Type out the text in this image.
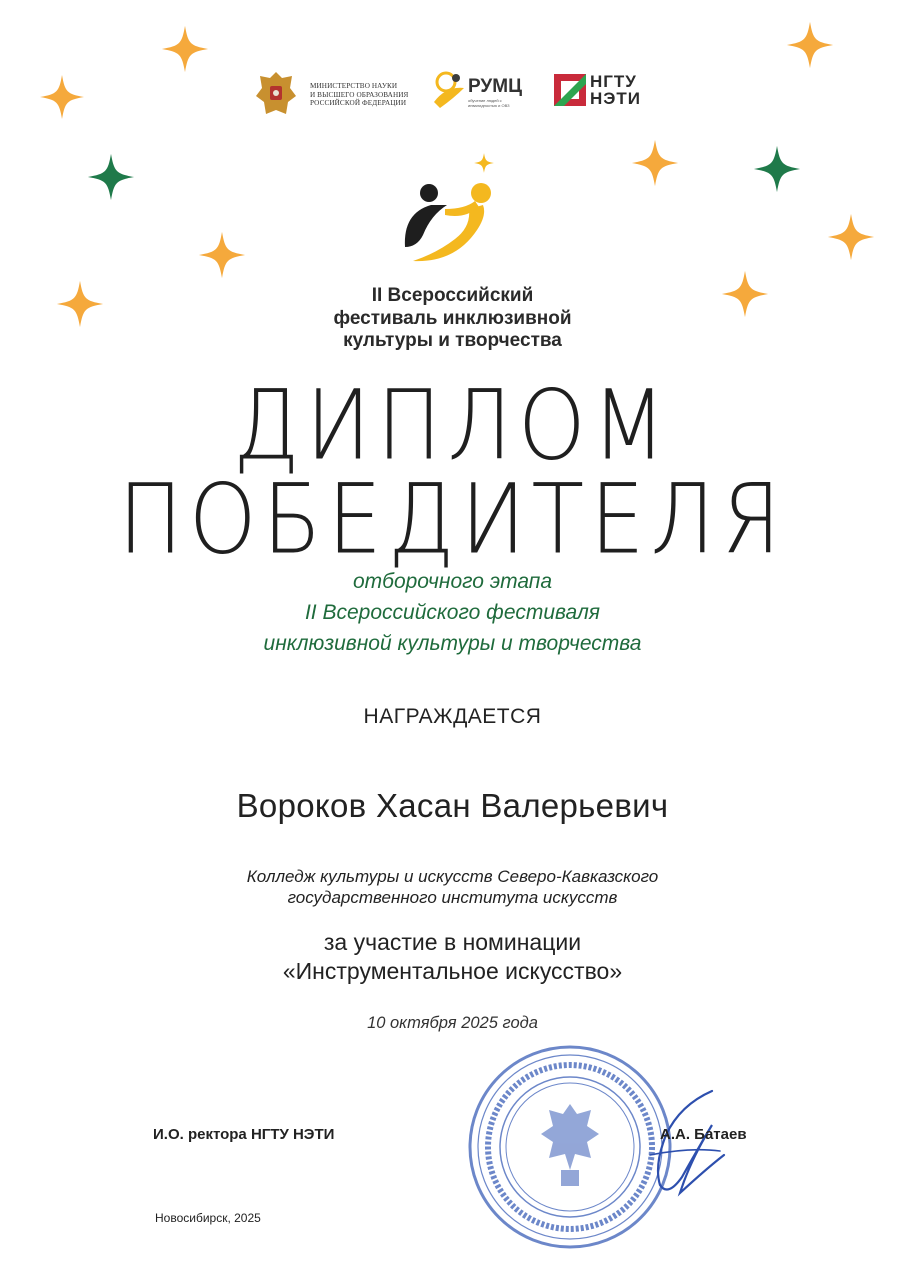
МИНИСТЕРСТВО НАУКИ
И ВЫСШЕГО ОБРАЗОВАНИЯ
РОССИЙСКОЙ ФЕДЕРАЦИИ
РУМЦ
обучение людей с инвалидностью и ОВЗ
НГТУ
НЭТИ
II Всероссийский
фестиваль инклюзивной
культуры и творчества
ДИПЛОМ
ПОБЕДИТЕЛЯ
отборочного этапа
II Всероссийского фестиваля
инклюзивной культуры и творчества
НАГРАЖДАЕТСЯ
Вороков Хасан Валерьевич
Колледж культуры и искусств Северо-Кавказского
государственного института искусств
за участие в номинации
«Инструментальное искусство»
10 октября 2025 года
И.О. ректора НГТУ НЭТИ	А.А. Батаев
Новосибирск, 2025
